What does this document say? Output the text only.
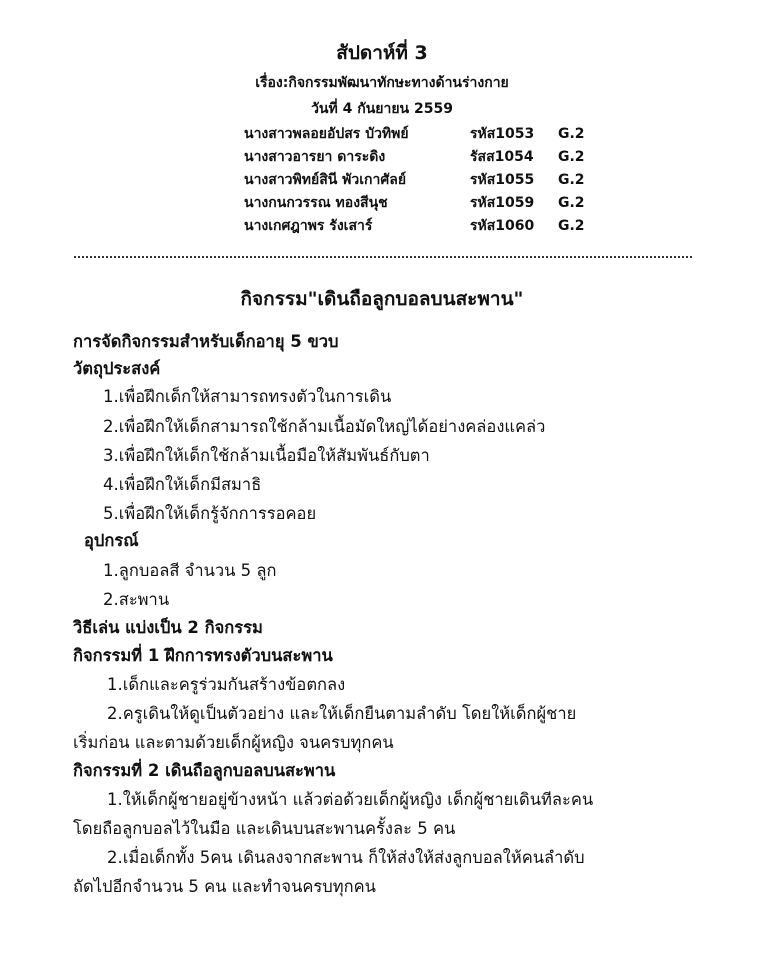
สัปดาห์ที่ 3
เรื่อง:กิจกรรมพัฒนาทักษะทางด้านร่างกาย
วันที่ 4 กันยายน 2559
นางสาวพลอยอัปสร บัวทิพย์	รหัส1053	G.2
นางสาวอารยา ดาระดิง	รัสส1054	G.2
นางสาวพิทย์สินี พัวเกาศัลย์	รหัส1055	G.2
นางกนกวรรณ ทองสีนุช	รหัส1059	G.2
นางเกศฎาพร รังเสาร์	รหัส1060	G.2
กิจกรรม"เดินถือลูกบอลบนสะพาน"
การจัดกิจกรรมสำหรับเด็กอายุ 5 ขวบ
วัตถุประสงค์
1.เพื่อฝึกเด็กให้สามารถทรงตัวในการเดิน
2.เพื่อฝึกให้เด็กสามารถใช้กล้ามเนื้อมัดใหญ่ได้อย่างคล่องแคล่ว
3.เพื่อฝึกให้เด็กใช้กล้ามเนื้อมือให้สัมพันธ์กับตา
4.เพื่อฝึกให้เด็กมีสมาธิ
5.เพื่อฝึกให้เด็กรู้จักการรอคอย
อุปกรณ์
1.ลูกบอลสี จำนวน 5 ลูก
2.สะพาน
วิธีเล่น แบ่งเป็น 2 กิจกรรม
กิจกรรมที่ 1 ฝึกการทรงตัวบนสะพาน
1.เด็กและครูร่วมกันสร้างข้อตกลง
2.ครูเดินให้ดูเป็นตัวอย่าง และให้เด็กยืนตามลำดับ โดยให้เด็กผู้ชาย
เริ่มก่อน และตามด้วยเด็กผู้หญิง จนครบทุกคน
กิจกรรมที่ 2 เดินถือลูกบอลบนสะพาน
1.ให้เด็กผู้ชายอยู่ข้างหน้า แล้วต่อด้วยเด็กผู้หญิง เด็กผู้ชายเดินทีละคน
โดยถือลูกบอลไว้ในมือ และเดินบนสะพานครั้งละ 5 คน
2.เมื่อเด็กทั้ง 5คน เดินลงจากสะพาน ก็ให้ส่งให้ส่งลูกบอลให้คนลำดับ
ถัดไปอีกจำนวน 5 คน และทำจนครบทุกคน
